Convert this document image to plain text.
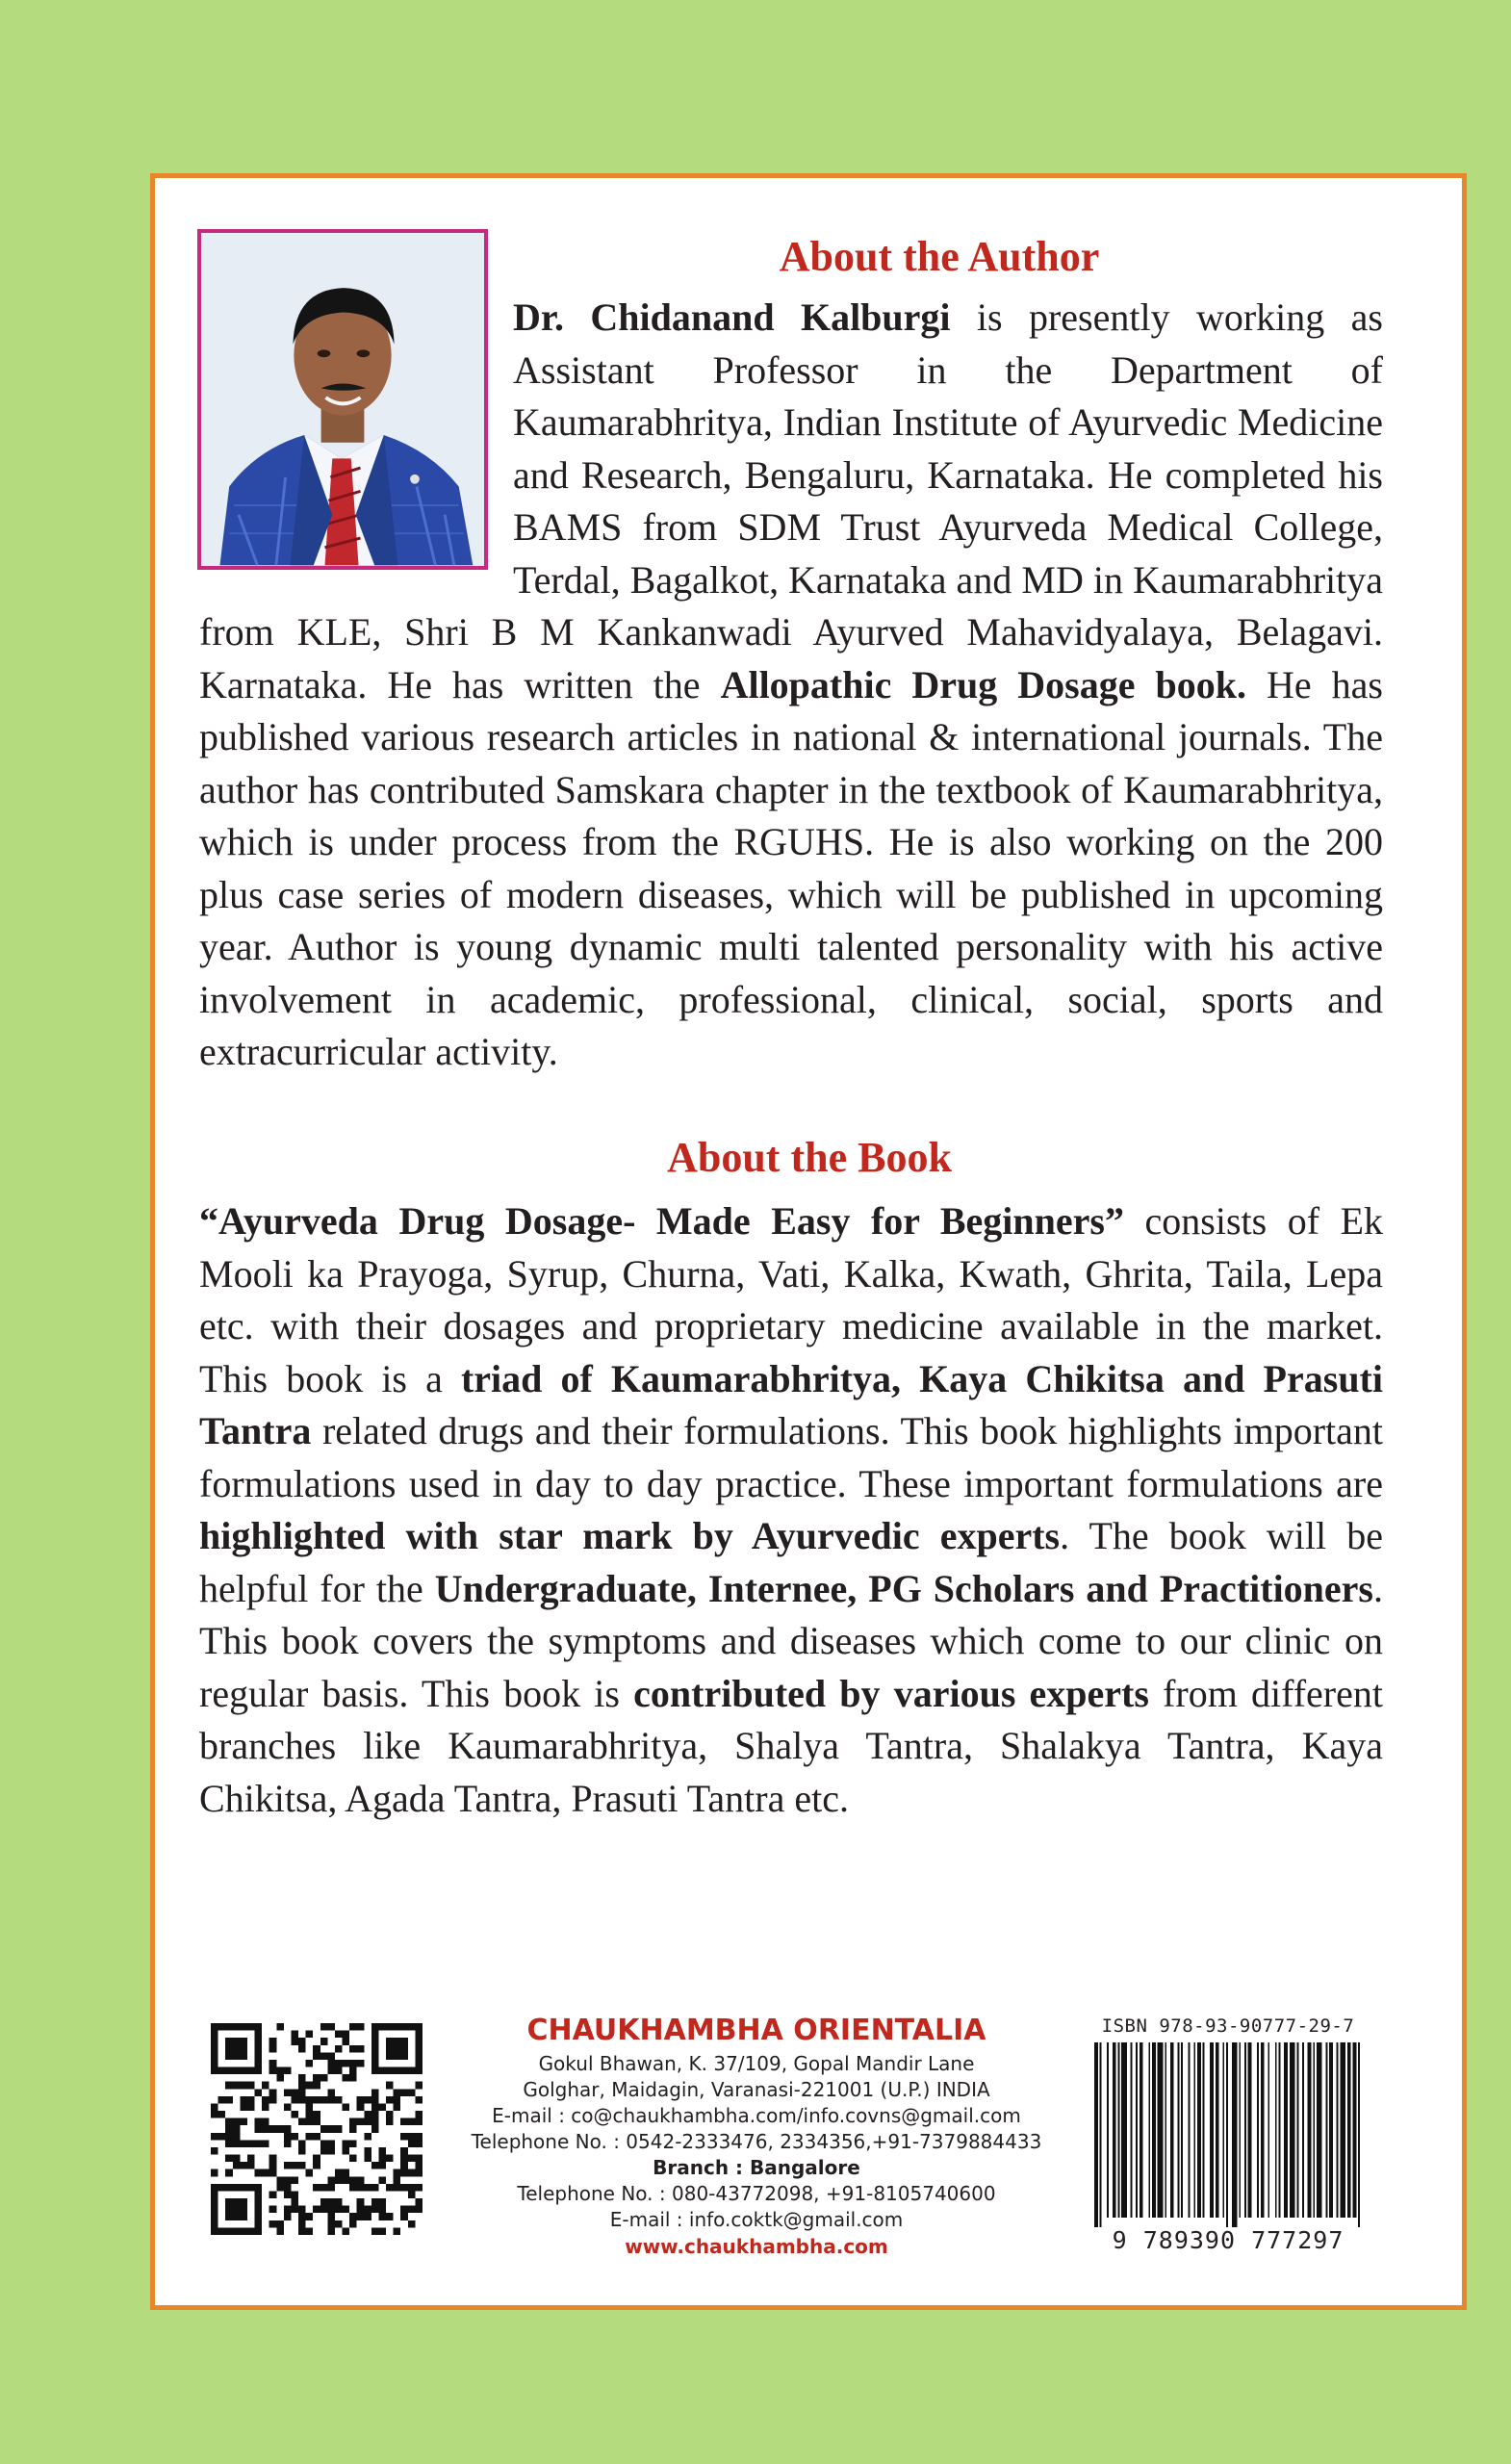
About the Author
Dr. Chidanand Kalburgi is presently working as Assistant Professor in the Department of Kaumarabhritya, Indian Institute of Ayurvedic Medicine and Research, Bengaluru, Karnataka. He completed his BAMS from SDM Trust Ayurveda Medical College, Terdal, Bagalkot, Karnataka and MD in Kaumarabhritya from KLE, Shri B M Kankanwadi Ayurved Mahavidyalaya, Belagavi. Karnataka. He has written the Allopathic Drug Dosage book. He has published various research articles in national & international journals. The author has contributed Samskara chapter in the textbook of Kaumarabhritya, which is under process from the RGUHS. He is also working on the 200 plus case series of modern diseases, which will be published in upcoming year. Author is young dynamic multi talented personality with his active involvement in academic, professional, clinical, social, sports and extracurricular activity.
About the Book
“Ayurveda Drug Dosage- Made Easy for Beginners” consists of Ek Mooli ka Prayoga, Syrup, Churna, Vati, Kalka, Kwath, Ghrita, Taila, Lepa etc. with their dosages and proprietary medicine available in the market. This book is a triad of Kaumarabhritya, Kaya Chikitsa and Prasuti Tantra related drugs and their formulations. This book highlights important formulations used in day to day practice. These important formulations are highlighted with star mark by Ayurvedic experts. The book will be helpful for the Undergraduate, Internee, PG Scholars and Practitioners. This book covers the symptoms and diseases which come to our clinic on regular basis. This book is contributed by various experts from different branches like Kaumarabhritya, Shalya Tantra, Shalakya Tantra, Kaya Chikitsa, Agada Tantra, Prasuti Tantra etc.
CHAUKHAMBHA ORIENTALIA
Gokul Bhawan, K. 37/109, Gopal Mandir Lane
Golghar, Maidagin, Varanasi-221001 (U.P.) INDIA
E-mail : co@chaukhambha.com/info.covns@gmail.com
Telephone No. : 0542-2333476, 2334356,+91-7379884433
Branch : Bangalore
Telephone No. : 080-43772098, +91-8105740600
E-mail : info.coktk@gmail.com
www.chaukhambha.com
ISBN 978-93-90777-29-7
9 789390 777297
